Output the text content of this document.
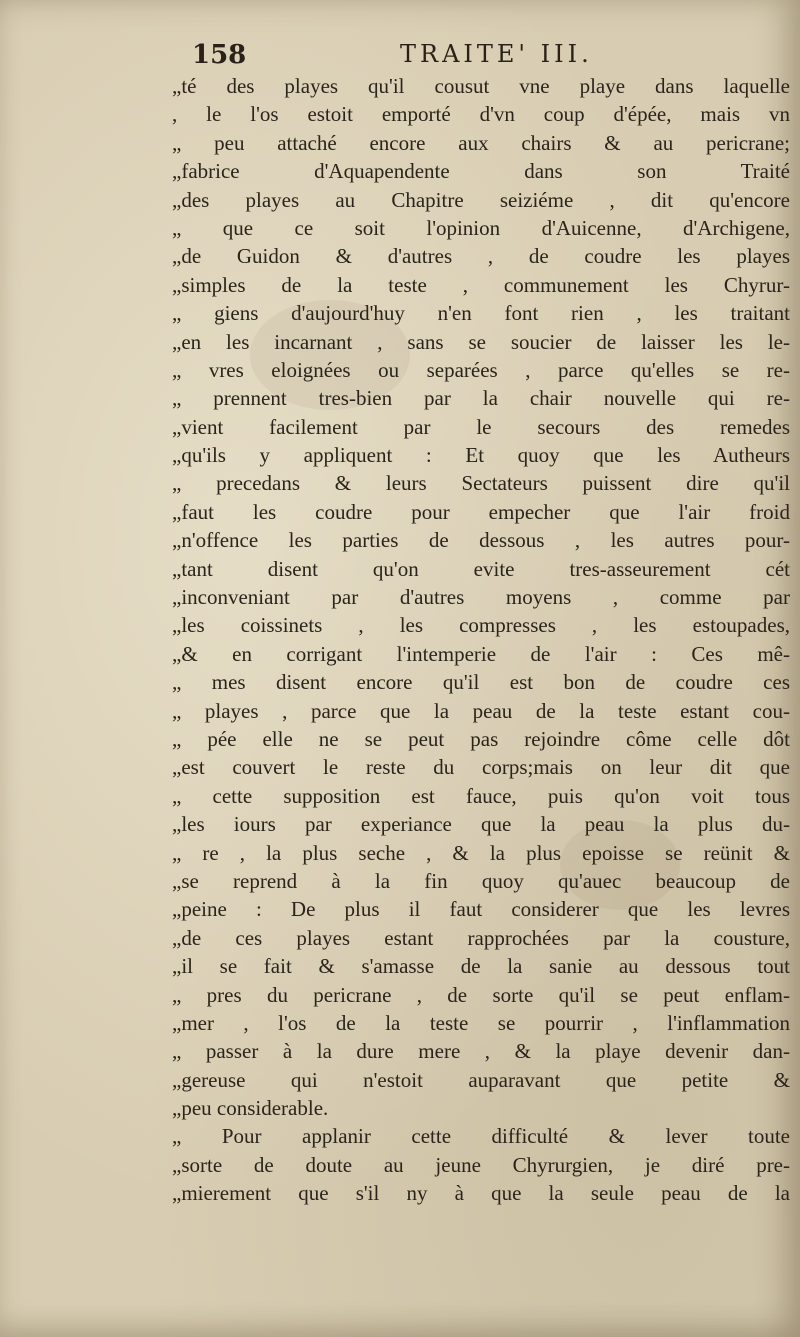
158	TRAITE' III.
„té des playes qu'il cousut vne playe dans laquelle
, le l'os estoit emporté d'vn coup d'épée, mais vn
„ peu attaché encore aux chairs & au pericrane;
„fabrice d'Aquapendente dans son Traité
„des playes au Chapitre seiziéme , dit qu'encore
„ que ce soit l'opinion d'Auicenne, d'Archigene,
„de Guidon & d'autres , de coudre les playes
„simples de la teste , communement les Chyrur-
„ giens d'aujourd'huy n'en font rien , les traitant
„en les incarnant , sans se soucier de laisser les le-
„ vres eloignées ou separées , parce qu'elles se re-
„ prennent tres-bien par la chair nouvelle qui re-
„vient facilement par le secours des remedes
„qu'ils y appliquent : Et quoy que les Autheurs
„ precedans & leurs Sectateurs puissent dire qu'il
„faut les coudre pour empecher que l'air froid
„n'offence les parties de dessous , les autres pour-
„tant disent qu'on evite tres-asseurement cét
„inconveniant par d'autres moyens , comme par
„les coissinets , les compresses , les estoupades,
„& en corrigant l'intemperie de l'air : Ces mê-
„ mes disent encore qu'il est bon de coudre ces
„ playes , parce que la peau de la teste estant cou-
„ pée elle ne se peut pas rejoindre côme celle dôt
„est couvert le reste du corps;mais on leur dit que
„ cette supposition est fauce, puis qu'on voit tous
„les iours par experiance que la peau la plus du-
„ re , la plus seche , & la plus epoisse se reünit &
„se reprend à la fin quoy qu'auec beaucoup de
„peine : De plus il faut considerer que les levres
„de ces playes estant rapprochées par la cousture,
„il se fait & s'amasse de la sanie au dessous tout
„ pres du pericrane , de sorte qu'il se peut enflam-
„mer , l'os de la teste se pourrir , l'inflammation
„ passer à la dure mere , & la playe devenir dan-
„gereuse qui n'estoit auparavant que petite &
„peu considerable.
„ Pour applanir cette difficulté & lever toute
„sorte de doute au jeune Chyrurgien, je diré pre-
„mierement que s'il ny à que la seule peau de la
